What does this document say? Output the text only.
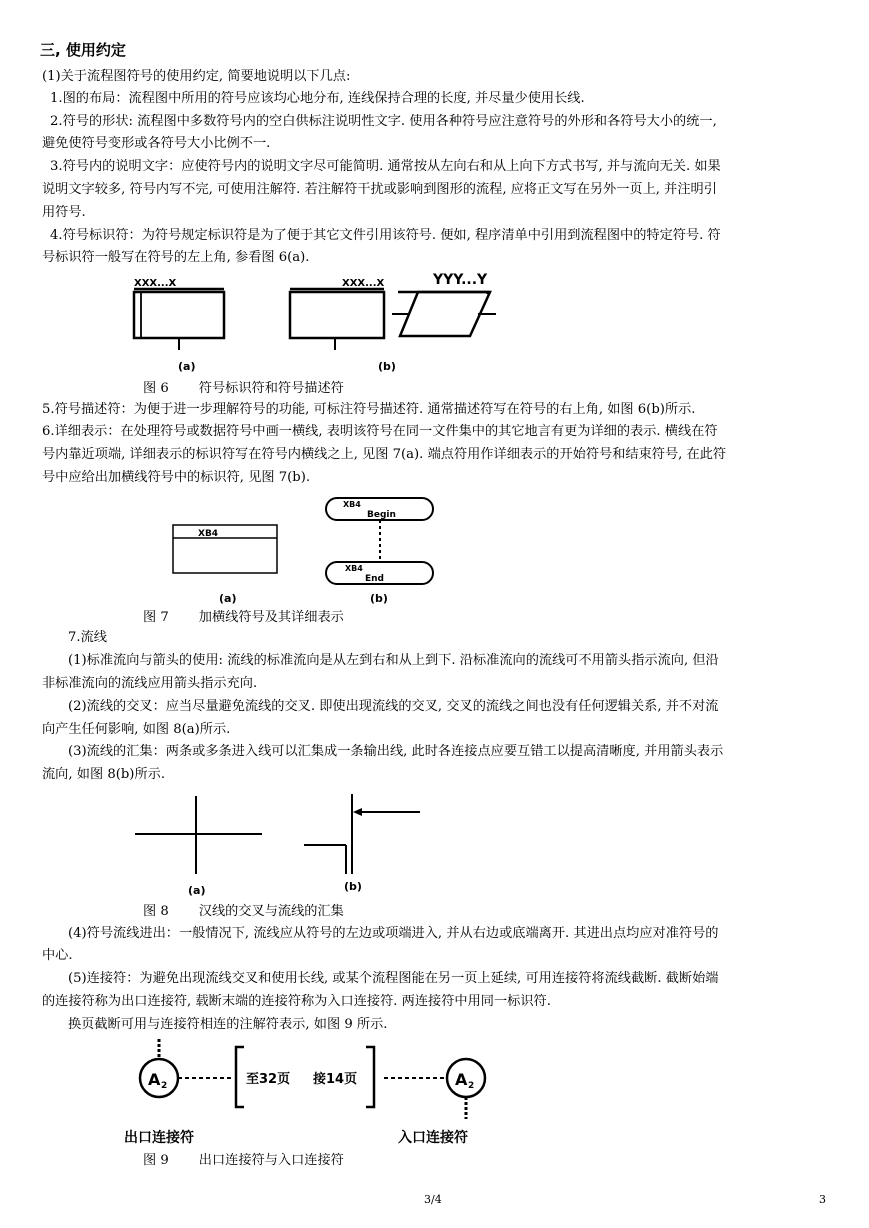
三, 使用约定
(1)关于流程图符号的使用约定, 简要地说明以下几点:
1.图的布局：流程图中所用的符号应该均心地分布, 连线保持合理的长度, 并尽量少使用长线.
2.符号的形状: 流程图中多数符号内的空白供标注说明性文字. 使用各种符号应注意符号的外形和各符号大小的统一,
避免使符号变形或各符号大小比例不一.
3.符号内的说明文字：应使符号内的说明文字尽可能简明. 通常按从左向右和从上向下方式书写, 并与流向无关. 如果
说明文字较多, 符号内写不完, 可使用注解符. 若注解符干扰或影响到图形的流程, 应将正文写在另外一页上, 并注明引
用符号.
4.符号标识符：为符号规定标识符是为了便于其它文件引用该符号. 便如, 程序清单中引用到流程图中的特定符号. 符
号标识符一般写在符号的左上角, 参看图 6(a).
XXX...X
(a)
XXX...X
(b)
YYY...Y
图 6 符号标识符和符号描述符
5.符号描述符：为便于进一步理解符号的功能, 可标注符号描述符. 通常描述符写在符号的右上角, 如图 6(b)所示.
6.详细表示：在处理符号或数据符号中画一横线, 表明该符号在同一文件集中的其它地言有更为详细的表示. 横线在符
号内靠近项端, 详细表示的标识符写在符号内横线之上, 见图 7(a). 端点符用作详细表示的开始符号和结束符号, 在此符
号中应给出加横线符号中的标识符, 见图 7(b).
XB4
(a)
XB4
Begin
XB4
End
(b)
图 7 加横线符号及其详细表示
7.流线
(1)标准流向与箭头的使用: 流线的标准流向是从左到右和从上到下. 沿标准流向的流线可不用箭头指示流向, 但沿
非标准流向的流线应用箭头指示充向.
(2)流线的交叉：应当尽量避免流线的交叉. 即使出现流线的交叉, 交叉的流线之间也没有任何逻辑关系, 并不对流
向产生任何影响, 如图 8(a)所示.
(3)流线的汇集：两条或多条进入线可以汇集成一条输出线, 此时各连接点应要互错工以提高清晰度, 并用箭头表示
流向, 如图 8(b)所示.
(a)	(b)
图 8 汉线的交叉与流线的汇集
(4)符号流线进出：一般情况下, 流线应从符号的左边或项端进入, 并从右边或底端离开. 其进出点均应对准符号的
中心.
(5)连接符：为避免出现流线交叉和使用长线, 或某个流程图能在另一页上延续, 可用连接符将流线截断. 截断始端
的连接符称为出口连接符, 载断末端的连接符称为入口连接符. 两连接符中用同一标识符.
换页截断可用与连接符相连的注解符表示, 如图 9 所示.
A 2	至32页 接14页	A 2
出口连接符	入口连接符
图 9 出口连接符与入口连接符
3/4	3
